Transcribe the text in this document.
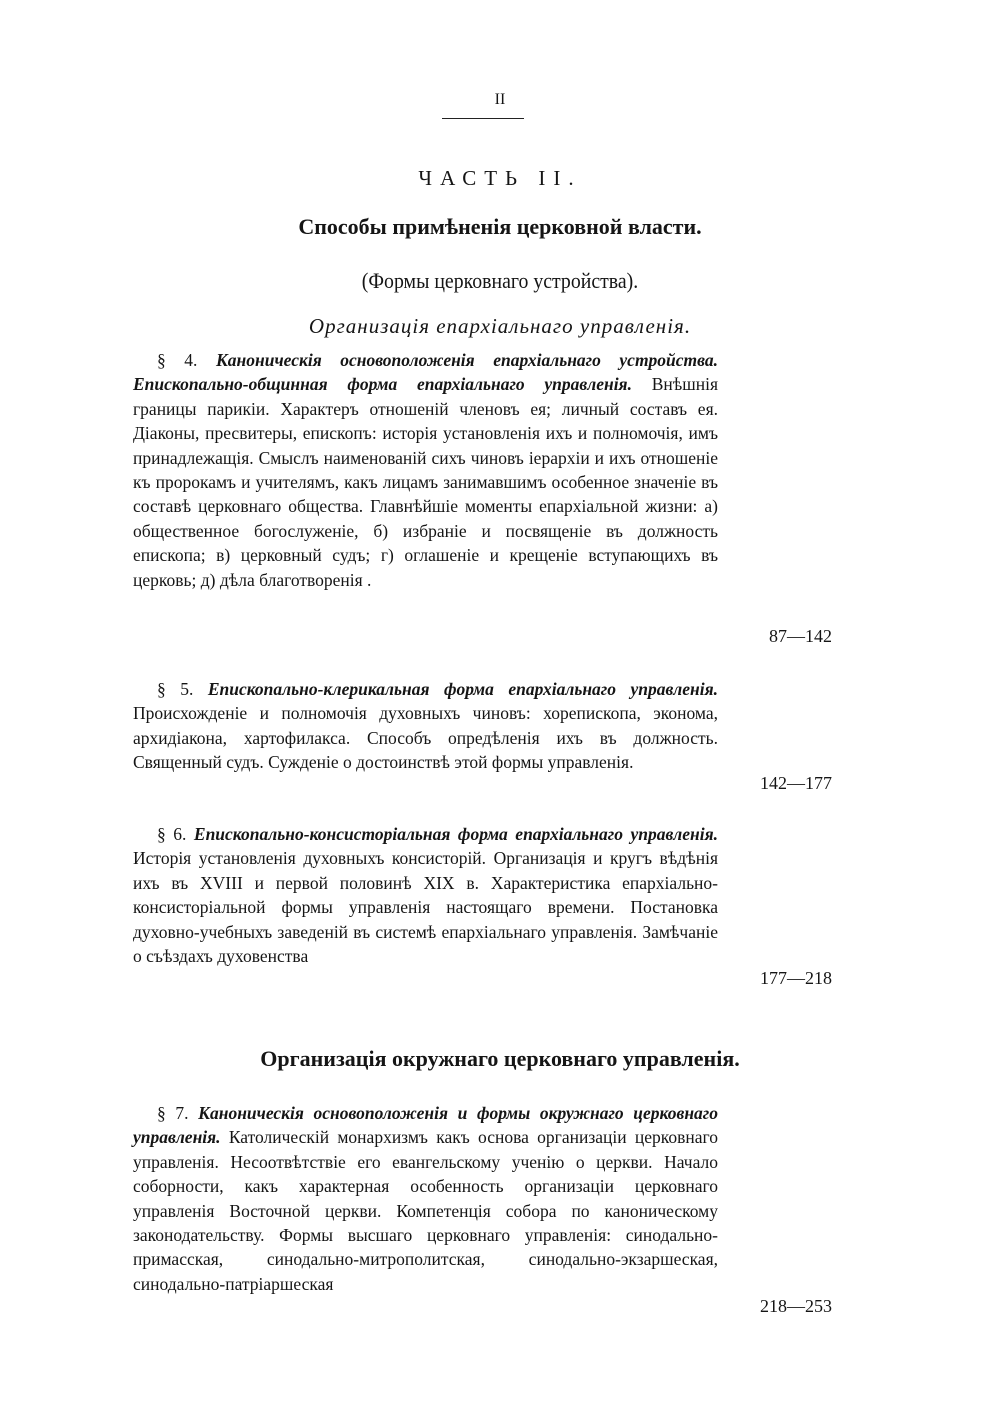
II
ЧАСТЬ II.
Способы примѣненія церковной власти.
(Формы церковнаго устройства).
Организація епархіальнаго управленія.
§ 4. Каноническія основоположенія епархіальнаго устройства. Епископально-общинная форма епархіальнаго управленія. Внѣшнія границы парикіи. Характеръ отношеній членовъ ея; личный составъ ея. Діаконы, пресвитеры, епископъ: исторія установленія ихъ и полномочія, имъ принадлежащія. Смыслъ наименованій сихъ чиновъ іерархіи и ихъ отношеніе къ пророкамъ и учителямъ, какъ лицамъ занимавшимъ особенное значеніе въ составѣ церковнаго общества. Главнѣйшіе моменты епархіальной жизни: а) общественное богослуженіе, б) избраніе и посвященіе въ должность епископа; в) церковный судъ; г) оглашеніе и крещеніе вступающихъ въ церковь; д) дѣла благотворенія .
87—142
§ 5. Епископально-клерикальная форма епархіальнаго управленія. Происхожденіе и полномочія духовныхъ чиновъ: хорепископа, эконома, архидіакона, хартофилакса. Способъ опредѣленія ихъ въ должность. Священный судъ. Сужденіе о достоинствѣ этой формы управленія.
142—177
§ 6. Епископально-консисторіальная форма епархіальнаго управленія. Исторія установленія духовныхъ консисторій. Организація и кругъ вѣдѣнія ихъ въ XVIII и первой половинѣ XIX в. Характеристика епархіально-консисторіальной формы управленія настоящаго времени. Постановка духовно-учебныхъ заведеній въ системѣ епархіальнаго управленія. Замѣчаніе о съѣздахъ духовенства
177—218
Организація окружнаго церковнаго управленія.
§ 7. Каноническія основоположенія и формы окружнаго церковнаго управленія. Католическій монархизмъ какъ основа организаціи церковнаго управленія. Несоотвѣтствіе его евангельскому ученію о церкви. Начало соборности, какъ характерная особенность организаціи церковнаго управленія Восточной церкви. Компетенція собора по каноническому законодательству. Формы высшаго церковнаго управленія: синодально-примасская, синодально-митрополитская, синодально-экзаршеская, синодально-патріаршеская
218—253
